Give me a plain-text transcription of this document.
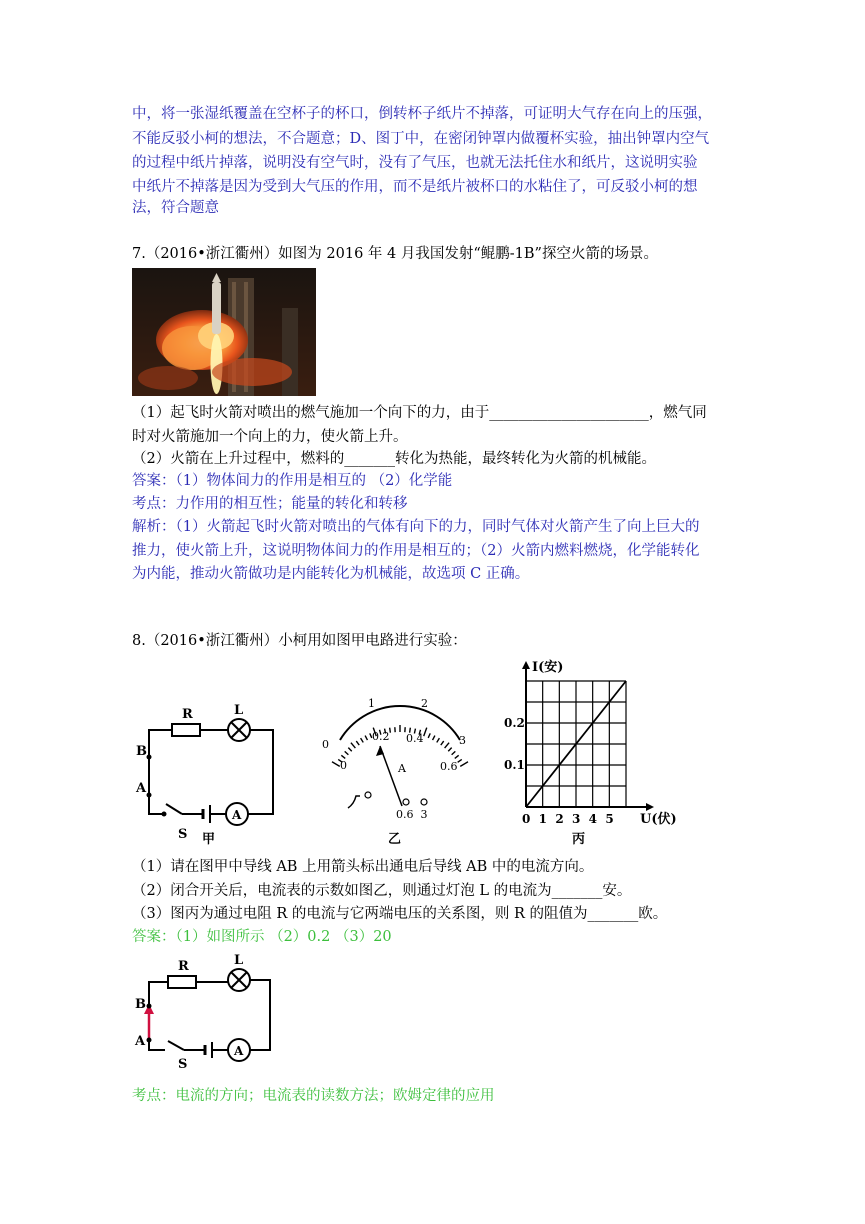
中，将一张湿纸覆盖在空杯子的杯口，倒转杯子纸片不掉落，可证明大气存在向上的压强，
不能反驳小柯的想法，不合题意；D、图丁中，在密闭钟罩内做覆杯实验，抽出钟罩内空气
的过程中纸片掉落，说明没有空气时，没有了气压，也就无法托住水和纸片，这说明实验
中纸片不掉落是因为受到大气压的作用，而不是纸片被杯口的水粘住了，可反驳小柯的想
法，符合题意
7.（2016•浙江衢州）如图为 2016 年 4 月我国发射“鲲鹏-1B”探空火箭的场景。
（1）起飞时火箭对喷出的燃气施加一个向下的力，由于______________________，燃气同
时对火箭施加一个向上的力，使火箭上升。
（2）火箭在上升过程中，燃料的_______转化为热能，最终转化为火箭的机械能。
答案：（1）物体间力的作用是相互的 （2）化学能
考点：力作用的相互性；能量的转化和转移
解析：（1）火箭起飞时火箭对喷出的气体有向下的力，同时气体对火箭产生了向上巨大的
推力，使火箭上升，这说明物体间力的作用是相互的；（2）火箭内燃料燃烧，化学能转化
为内能，推动火箭做功是内能转化为机械能，故选项 C 正确。
8.（2016•浙江衢州）小柯用如图甲电路进行实验：
R	L
B
A
S
A
甲
0
1	2
3
0
0.2 0.4
0.6
A
0.6  3
乙
0 1 2 3 4 5
0.1
0.2
U(伏)
I(安)
丙
（1）请在图甲中导线 AB 上用箭头标出通电后导线 AB 中的电流方向。
（2）闭合开关后，电流表的示数如图乙，则通过灯泡 L 的电流为_______安。
（3）图丙为通过电阻 R 的电流与它两端电压的关系图，则 R 的阻值为_______欧。
答案：（1）如图所示 （2）0.2 （3）20
R	L
B
A
S
A
考点：电流的方向；电流表的读数方法；欧姆定律的应用
